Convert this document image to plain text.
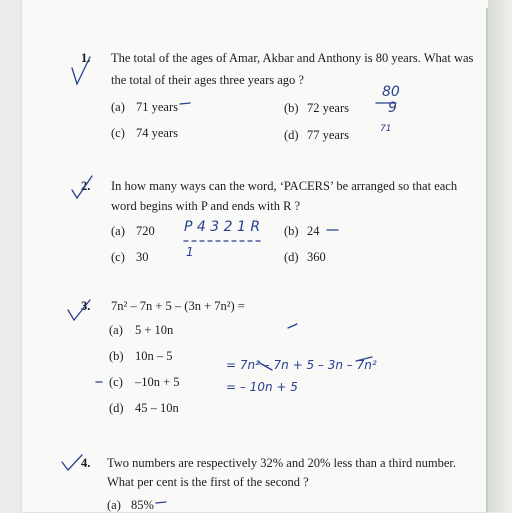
1. The total of the ages of Amar, Akbar and Anthony is 80 years. What was
the total of their ages three years ago ?
(a) 71 years	(b) 72 years
(c) 74 years	(d) 77 years
80
9
71
2. In how many ways can the word, ‘PACERS’ be arranged so that each
word begins with P and ends with R ?
(a) 720	(b) 24
(c) 30	(d) 360
P 4 3 2 1 R
1
3. 7n² – 7n + 5 – (3n + 7n²) =
(a) 5 + 10n
(b) 10n – 5
(c) –10n + 5
(d) 45 – 10n
= 7n² – 7n + 5 – 3n – 7n²
= – 10n + 5
4. Two numbers are respectively 32% and 20% less than a third number.
What per cent is the first of the second ?
(a) 85%
